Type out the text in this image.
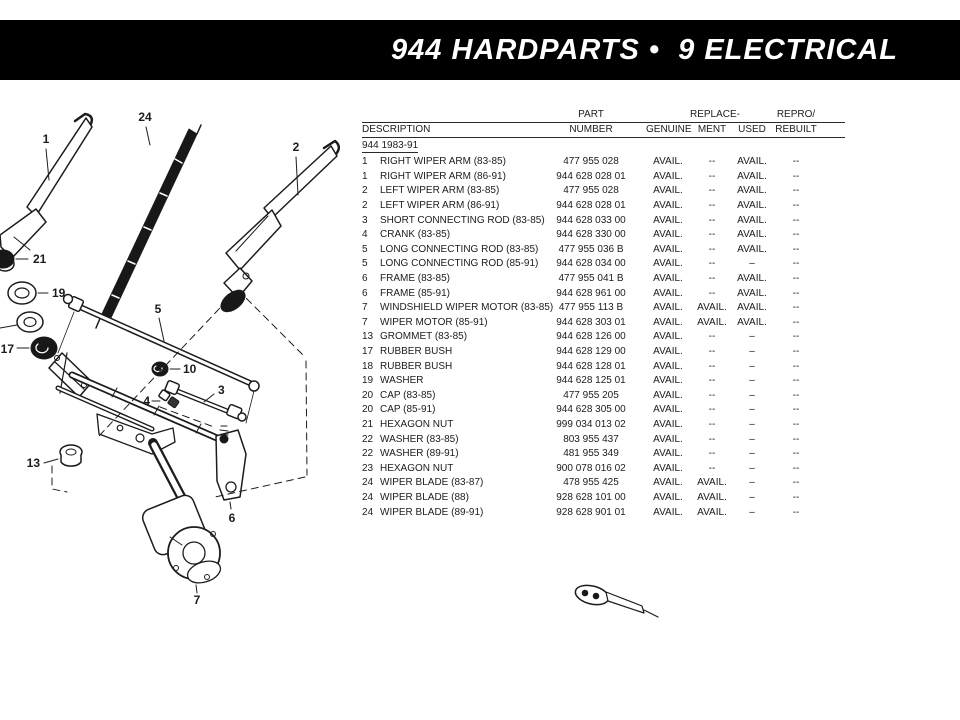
944 HARDPARTS •  9 ELECTRICAL
1
24
2
21
19
17
5
10
3
4
13
6
7
PART	REPLACE-	REPRO/
DESCRIPTION	NUMBER	GENUINE MENT	USED REBUILT
944 1983-91
1	RIGHT WIPER ARM (83-85)	477 955 028	AVAIL.	--	AVAIL.	--
1	RIGHT WIPER ARM (86-91)	944 628 028 01	AVAIL.	--	AVAIL.	--
2	LEFT WIPER ARM (83-85)	477 955 028	AVAIL.	--	AVAIL.	--
2	LEFT WIPER ARM (86-91)	944 628 028 01	AVAIL.	--	AVAIL.	--
3	SHORT CONNECTING ROD (83-85)	944 628 033 00	AVAIL.	--	AVAIL.	--
4	CRANK (83-85)	944 628 330 00	AVAIL.	--	AVAIL.	--
5	LONG CONNECTING ROD (83-85)	477 955 036 B	AVAIL.	--	AVAIL.	--
5	LONG CONNECTING ROD (85-91)	944 628 034 00	AVAIL.	--	–	--
6	FRAME (83-85)	477 955 041 B	AVAIL.	--	AVAIL.	--
6	FRAME (85-91)	944 628 961 00	AVAIL.	--	AVAIL.	--
7	WINDSHIELD WIPER MOTOR (83-85) 477 955 113 B	AVAIL.	AVAIL.	AVAIL.	--
7	WIPER MOTOR (85-91)	944 628 303 01	AVAIL.	AVAIL.	AVAIL.	--
13 GROMMET (83-85)	944 628 126 00	AVAIL.	--	–	--
17 RUBBER BUSH	944 628 129 00	AVAIL.	--	–	--
18 RUBBER BUSH	944 628 128 01	AVAIL.	--	–	--
19 WASHER	944 628 125 01	AVAIL.	--	–	--
20 CAP (83-85)	477 955 205	AVAIL.	--	–	--
20 CAP (85-91)	944 628 305 00	AVAIL.	--	–	--
21 HEXAGON NUT	999 034 013 02	AVAIL.	--	–	--
22 WASHER (83-85)	803 955 437	AVAIL.	--	–	--
22 WASHER (89-91)	481 955 349	AVAIL.	--	–	--
23 HEXAGON NUT	900 078 016 02	AVAIL.	--	–	--
24 WIPER BLADE (83-87)	478 955 425	AVAIL.	AVAIL.	–	--
24 WIPER BLADE (88)	928 628 101 00	AVAIL.	AVAIL.	–	--
24 WIPER BLADE (89-91)	928 628 901 01	AVAIL.	AVAIL.	–	--
